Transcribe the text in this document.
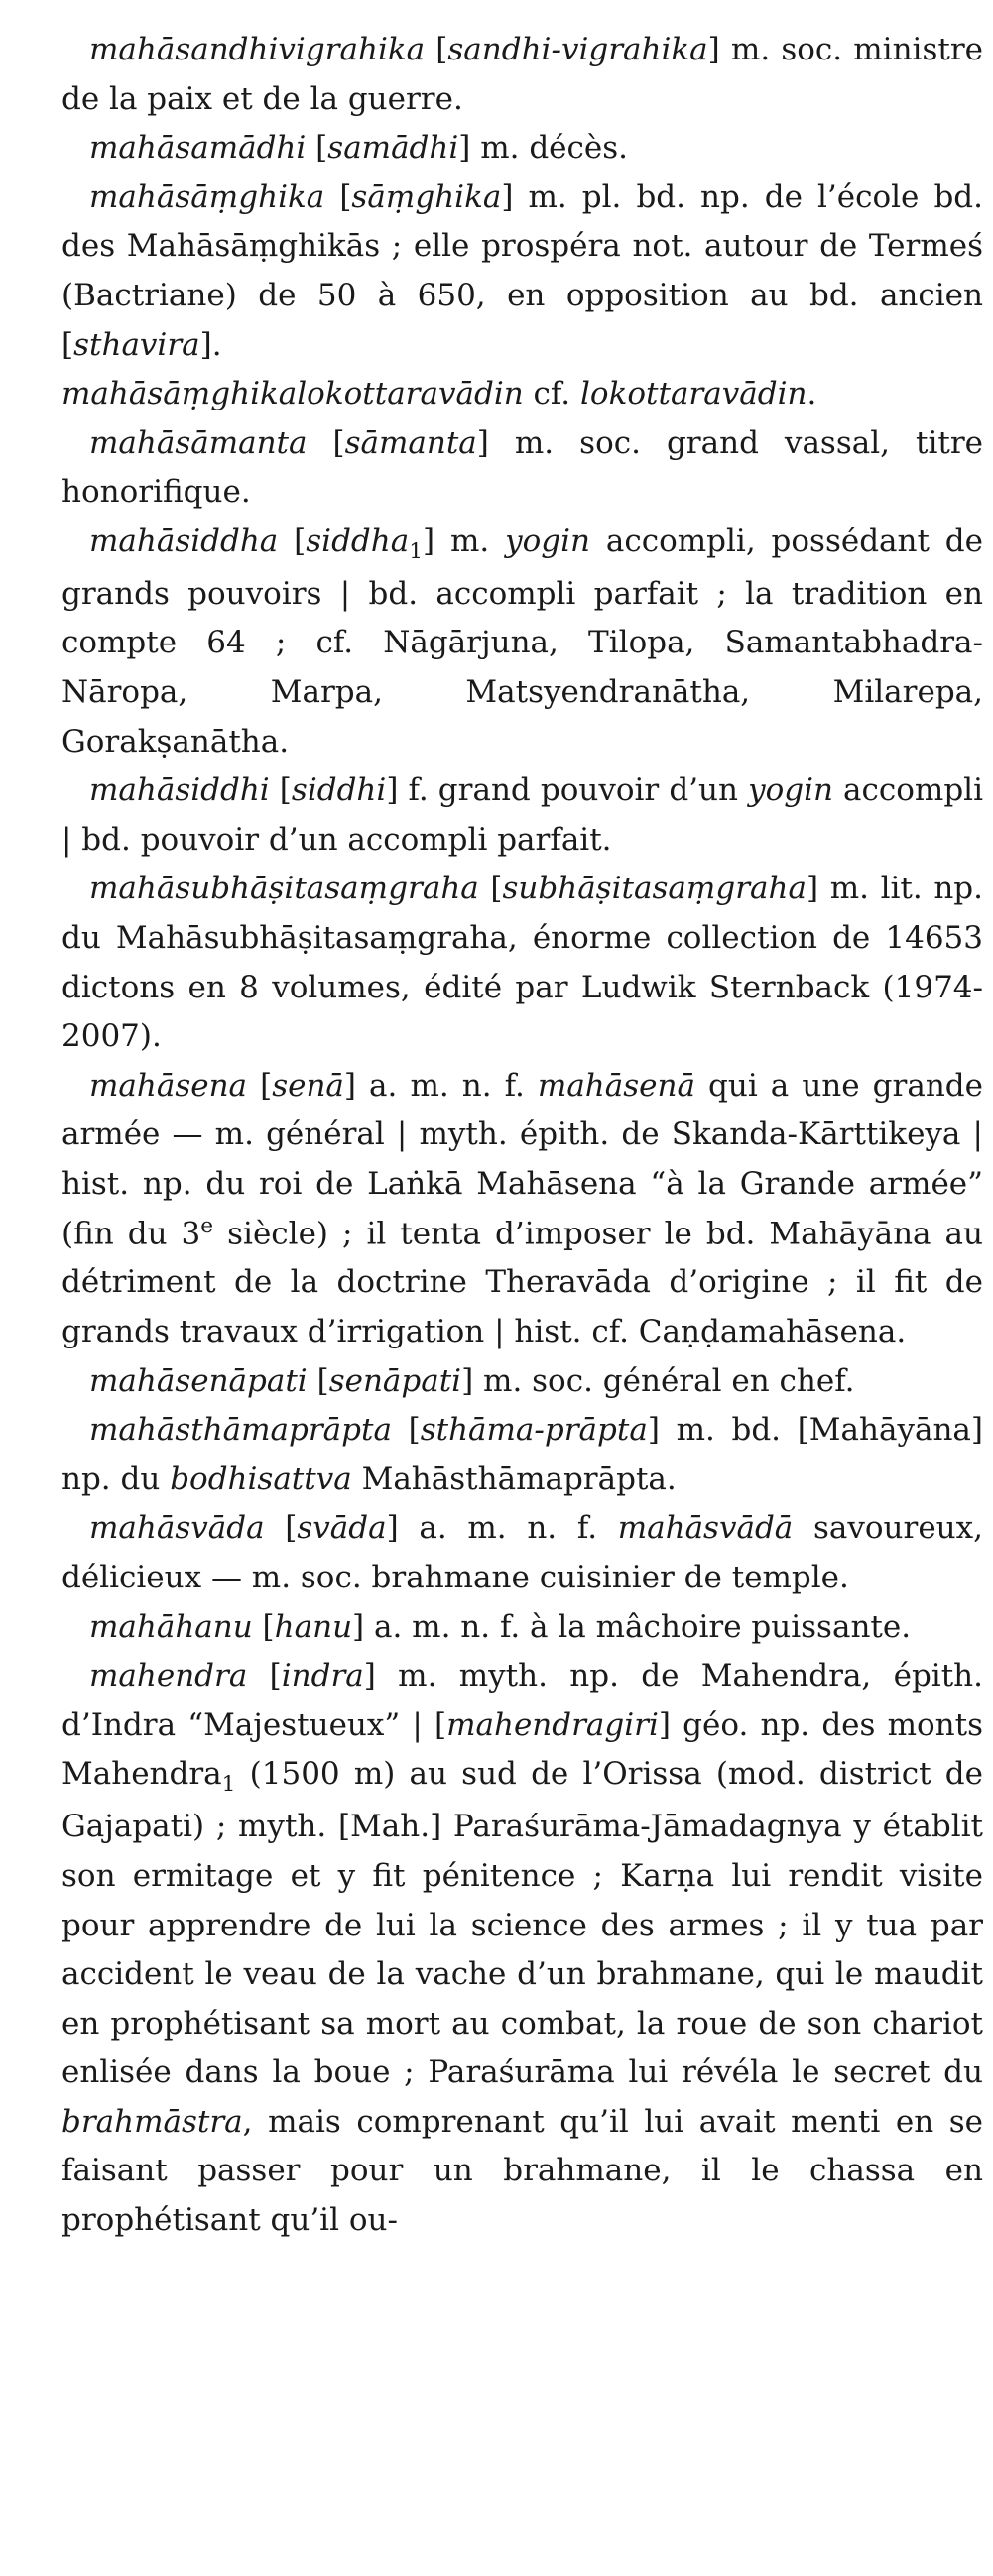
mahāsandhivigrahika [sandhi-vigrahika] m. soc. ministre de la paix et de la guerre.

mahāsamādhi [samādhi] m. décès.

mahāsāṃghika [sāṃghika] m. pl. bd. np. de l’école bd. des Mahāsāṃghikās ; elle prospéra not. autour de Termeś (Bactriane) de 50 à 650, en opposition au bd. ancien [sthavira].

mahāsāṃghikalokottaravādin cf. lokottaravādin.

mahāsāmanta [sāmanta] m. soc. grand vassal, titre honorifique.

mahāsiddha [siddha$_1$] m. yogin accompli, possédant de grands pouvoirs | bd. accompli parfait ; la tradition en compte 64 ; cf. Nāgārjuna, Tilopa, Samantabhadra-Nāropa, Marpa, Matsyendranātha, Milarepa, Gorakṣanātha.

mahāsiddhi [siddhi] f. grand pouvoir d’un yogin accompli | bd. pouvoir d’un accompli parfait.

mahāsubhāṣitasaṃgraha [subhāṣitasaṃgraha] m. lit. np. du Mahāsubhāṣitasaṃgraha, énorme collection de 14653 dictons en 8 volumes, édité par Ludwik Sternback (1974-2007).

mahāsena [senā] a. m. n. f. mahāsenā qui a une grande armée — m. général | myth. épith. de Skanda-Kārttikeya | hist. np. du roi de Laṅkā Mahāsena “à la Grande armée” (fin du 3e siècle) ; il tenta d’imposer le bd. Mahāyāna au détriment de la doctrine Theravāda d’origine ; il fit de grands travaux d’irrigation | hist. cf. Caṇḍamahāsena.

mahāsenāpati [senāpati] m. soc. général en chef.

mahāsthāmaprāpta [sthāma-prāpta] m. bd. [Mahāyāna] np. du bodhisattva Mahāsthāmaprāpta.

mahāsvāda [svāda] a. m. n. f. mahāsvādā savoureux, délicieux — m. soc. brahmane cuisinier de temple.

mahāhanu [hanu] a. m. n. f. à la mâchoire puissante.

mahendra [indra] m. myth. np. de Mahendra, épith. d’Indra “Majestueux” | [mahendragiri] géo. np. des monts Mahendra$_1$ (1500 m) au sud de l’Orissa (mod. district de Gajapati) ; myth. [Mah.] Paraśurāma-Jāmadagnya y établit son ermitage et y fit pénitence ; Karṇa lui rendit visite pour apprendre de lui la science des armes ; il y tua par accident le veau de la vache d’un brahmane, qui le maudit en prophétisant sa mort au combat, la roue de son chariot enlisée dans la boue ; Paraśurāma lui révéla le secret du brahmāstra, mais comprenant qu’il lui avait menti en se faisant passer pour un brahmane, il le chassa en prophétisant qu’il ou-
